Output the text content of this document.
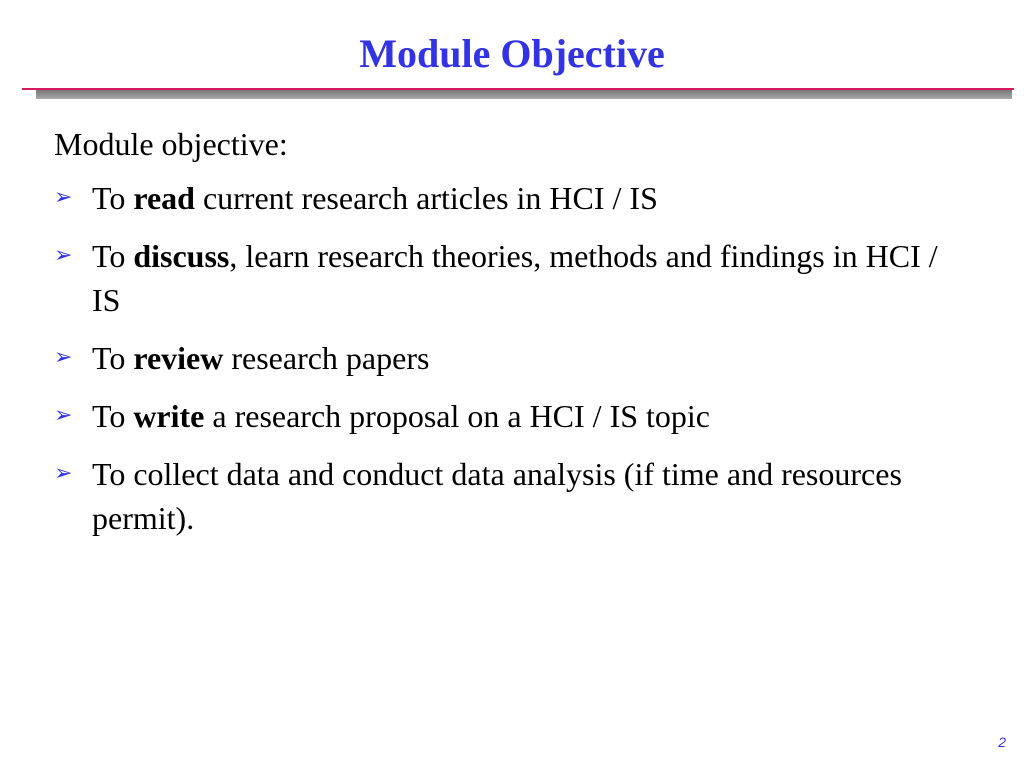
Module Objective
Module objective:
➢ To read current research articles in HCI / IS
➢ To discuss, learn research theories, methods and findings in HCI / IS
➢ To review research papers
➢ To write a research proposal on a HCI / IS topic
➢ To collect data and conduct data analysis (if time and resources permit).
2
